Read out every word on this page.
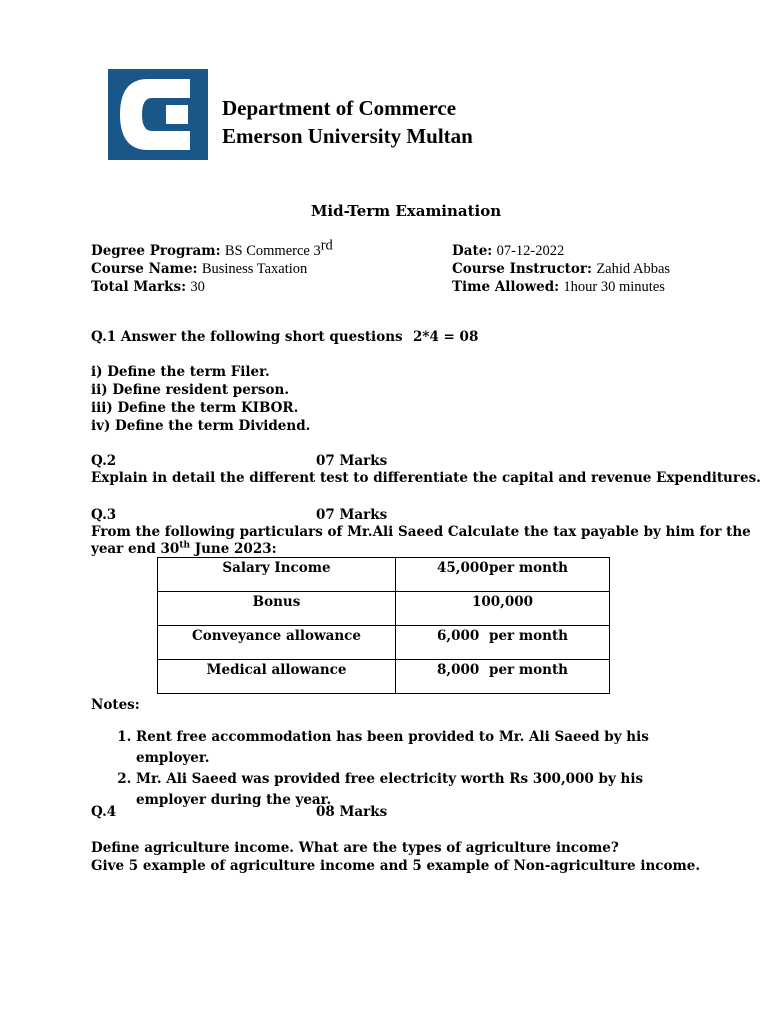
Department of Commerce
Emerson University Multan
Mid-Term Examination
Degree Program: BS Commerce 3rd
Course Name: Business Taxation
Total Marks: 30
Date: 07-12-2022
Course Instructor: Zahid Abbas
Time Allowed: 1hour 30 minutes
Q.1 Answer the following short questions 2*4 = 08
i) Define the term Filer.
ii) Define resident person.
iii) Define the term KIBOR.
iv) Define the term Dividend.
Q.2	07 Marks
Explain in detail the different test to differentiate the capital and revenue Expenditures.
Q.3	07 Marks
From the following particulars of Mr.Ali Saeed Calculate the tax payable by him for the
year end 30th June 2023:
Salary Income	45,000per month

Bonus	100,000

Conveyance allowance	6,000 per month

Medical allowance	8,000 per month
Notes:
1. Rent free accommodation has been provided to Mr. Ali Saeed by his employer.
2. Mr. Ali Saeed was provided free electricity worth Rs 300,000 by his employer during the year.
Q.4	08 Marks
Define agriculture income. What are the types of agriculture income?
Give 5 example of agriculture income and 5 example of Non-agriculture income.
